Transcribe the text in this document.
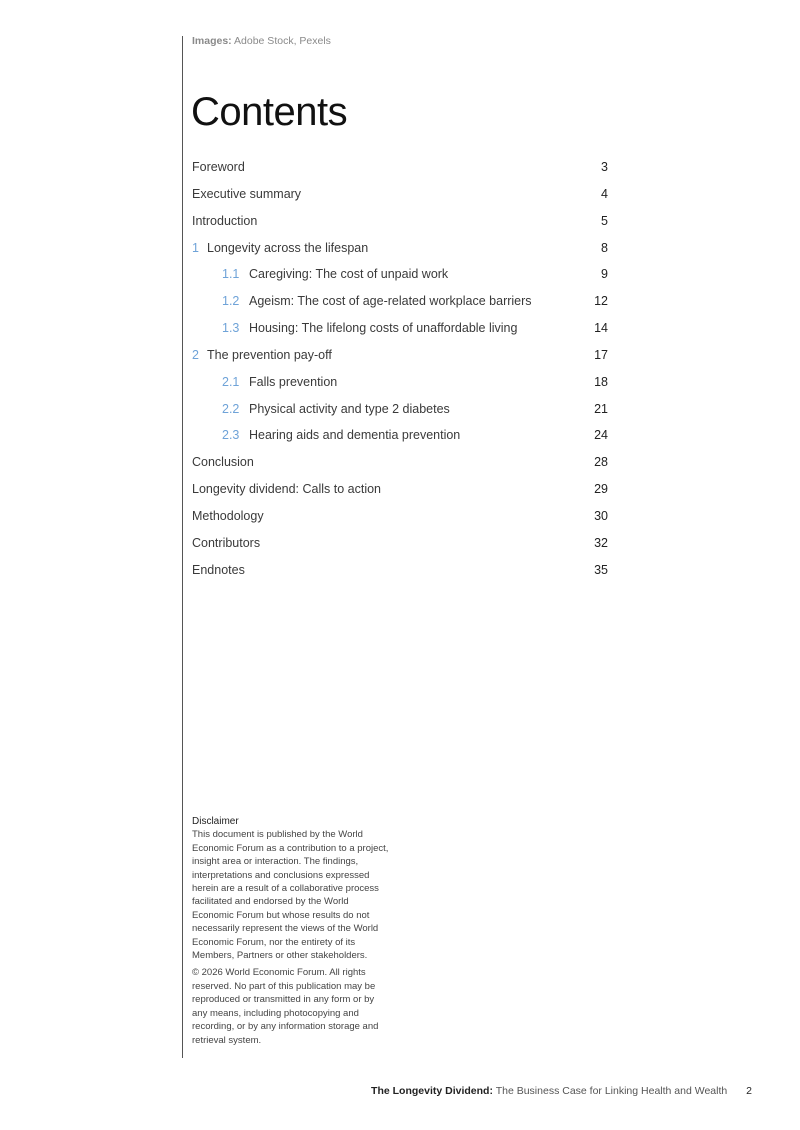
Images: Adobe Stock, Pexels
Contents
Foreword	3
Executive summary	4
Introduction	5
1 Longevity across the lifespan	8
1.1 Caregiving: The cost of unpaid work	9
1.2 Ageism: The cost of age-related workplace barriers	12
1.3 Housing: The lifelong costs of unaffordable living	14
2 The prevention pay-off	17
2.1 Falls prevention	18
2.2 Physical activity and type 2 diabetes	21
2.3 Hearing aids and dementia prevention	24
Conclusion	28
Longevity dividend: Calls to action	29
Methodology	30
Contributors	32
Endnotes	35
Disclaimer

This document is published by the World Economic Forum as a contribution to a project, insight area or interaction. The findings, interpretations and conclusions expressed herein are a result of a collaborative process facilitated and endorsed by the World Economic Forum but whose results do not necessarily represent the views of the World Economic Forum, nor the entirety of its Members, Partners or other stakeholders.

© 2026 World Economic Forum. All rights reserved. No part of this publication may be reproduced or transmitted in any form or by any means, including photocopying and recording, or by any information storage and retrieval system.

The Longevity Dividend: The Business Case for Linking Health and Wealth 2
